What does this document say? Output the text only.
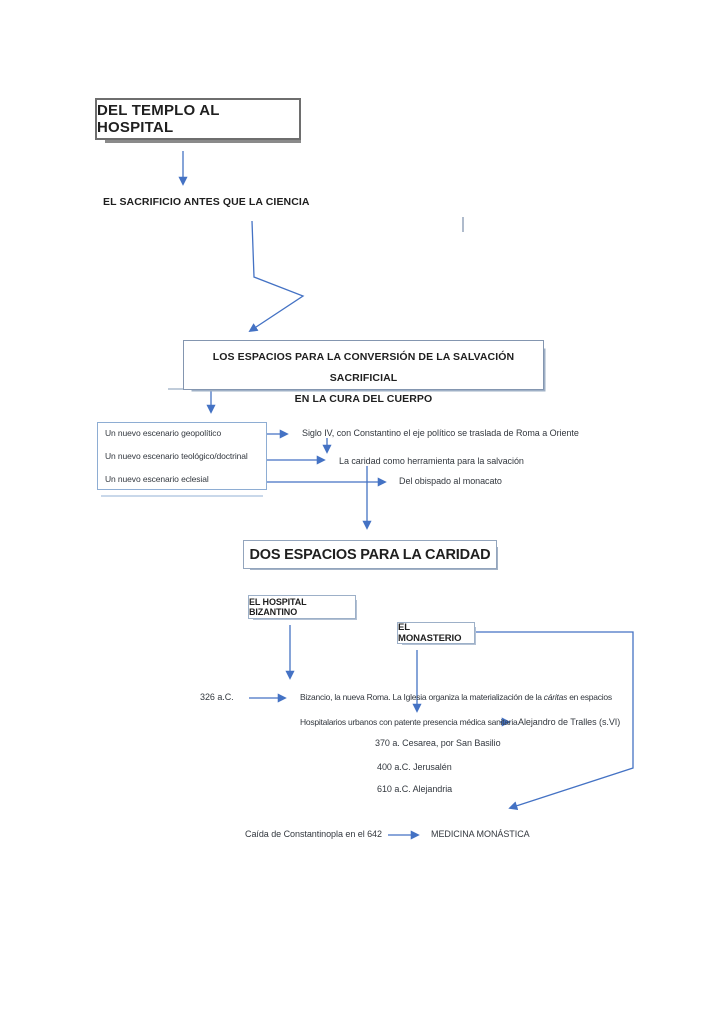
DEL TEMPLO AL HOSPITAL
EL SACRIFICIO ANTES QUE LA CIENCIA
LOS ESPACIOS PARA LA CONVERSIÓN DE LA SALVACIÓN SACRIFICIAL
EN LA CURA DEL CUERPO
Un nuevo escenario geopolítico
Un nuevo escenario teológico/doctrinal
Un nuevo escenario eclesial
Siglo IV, con Constantino el eje político se traslada de Roma a Oriente
La caridad como herramienta para la salvación
Del obispado al monacato
DOS ESPACIOS PARA LA CARIDAD
EL HOSPITAL BIZANTINO
EL MONASTERIO
326 a.C.	Bizancio, la nueva Roma. La Iglesia organiza la materialización de la cáritas en espacios
Hospitalarios urbanos con patente presencia médica sanitaria Alejandro de Tralles (s.VI)
370 a. Cesarea, por San Basilio
400 a.C. Jerusalén
610 a.C. Alejandria
Caída de Constantinopla en el 642	MEDICINA MONÁSTICA
